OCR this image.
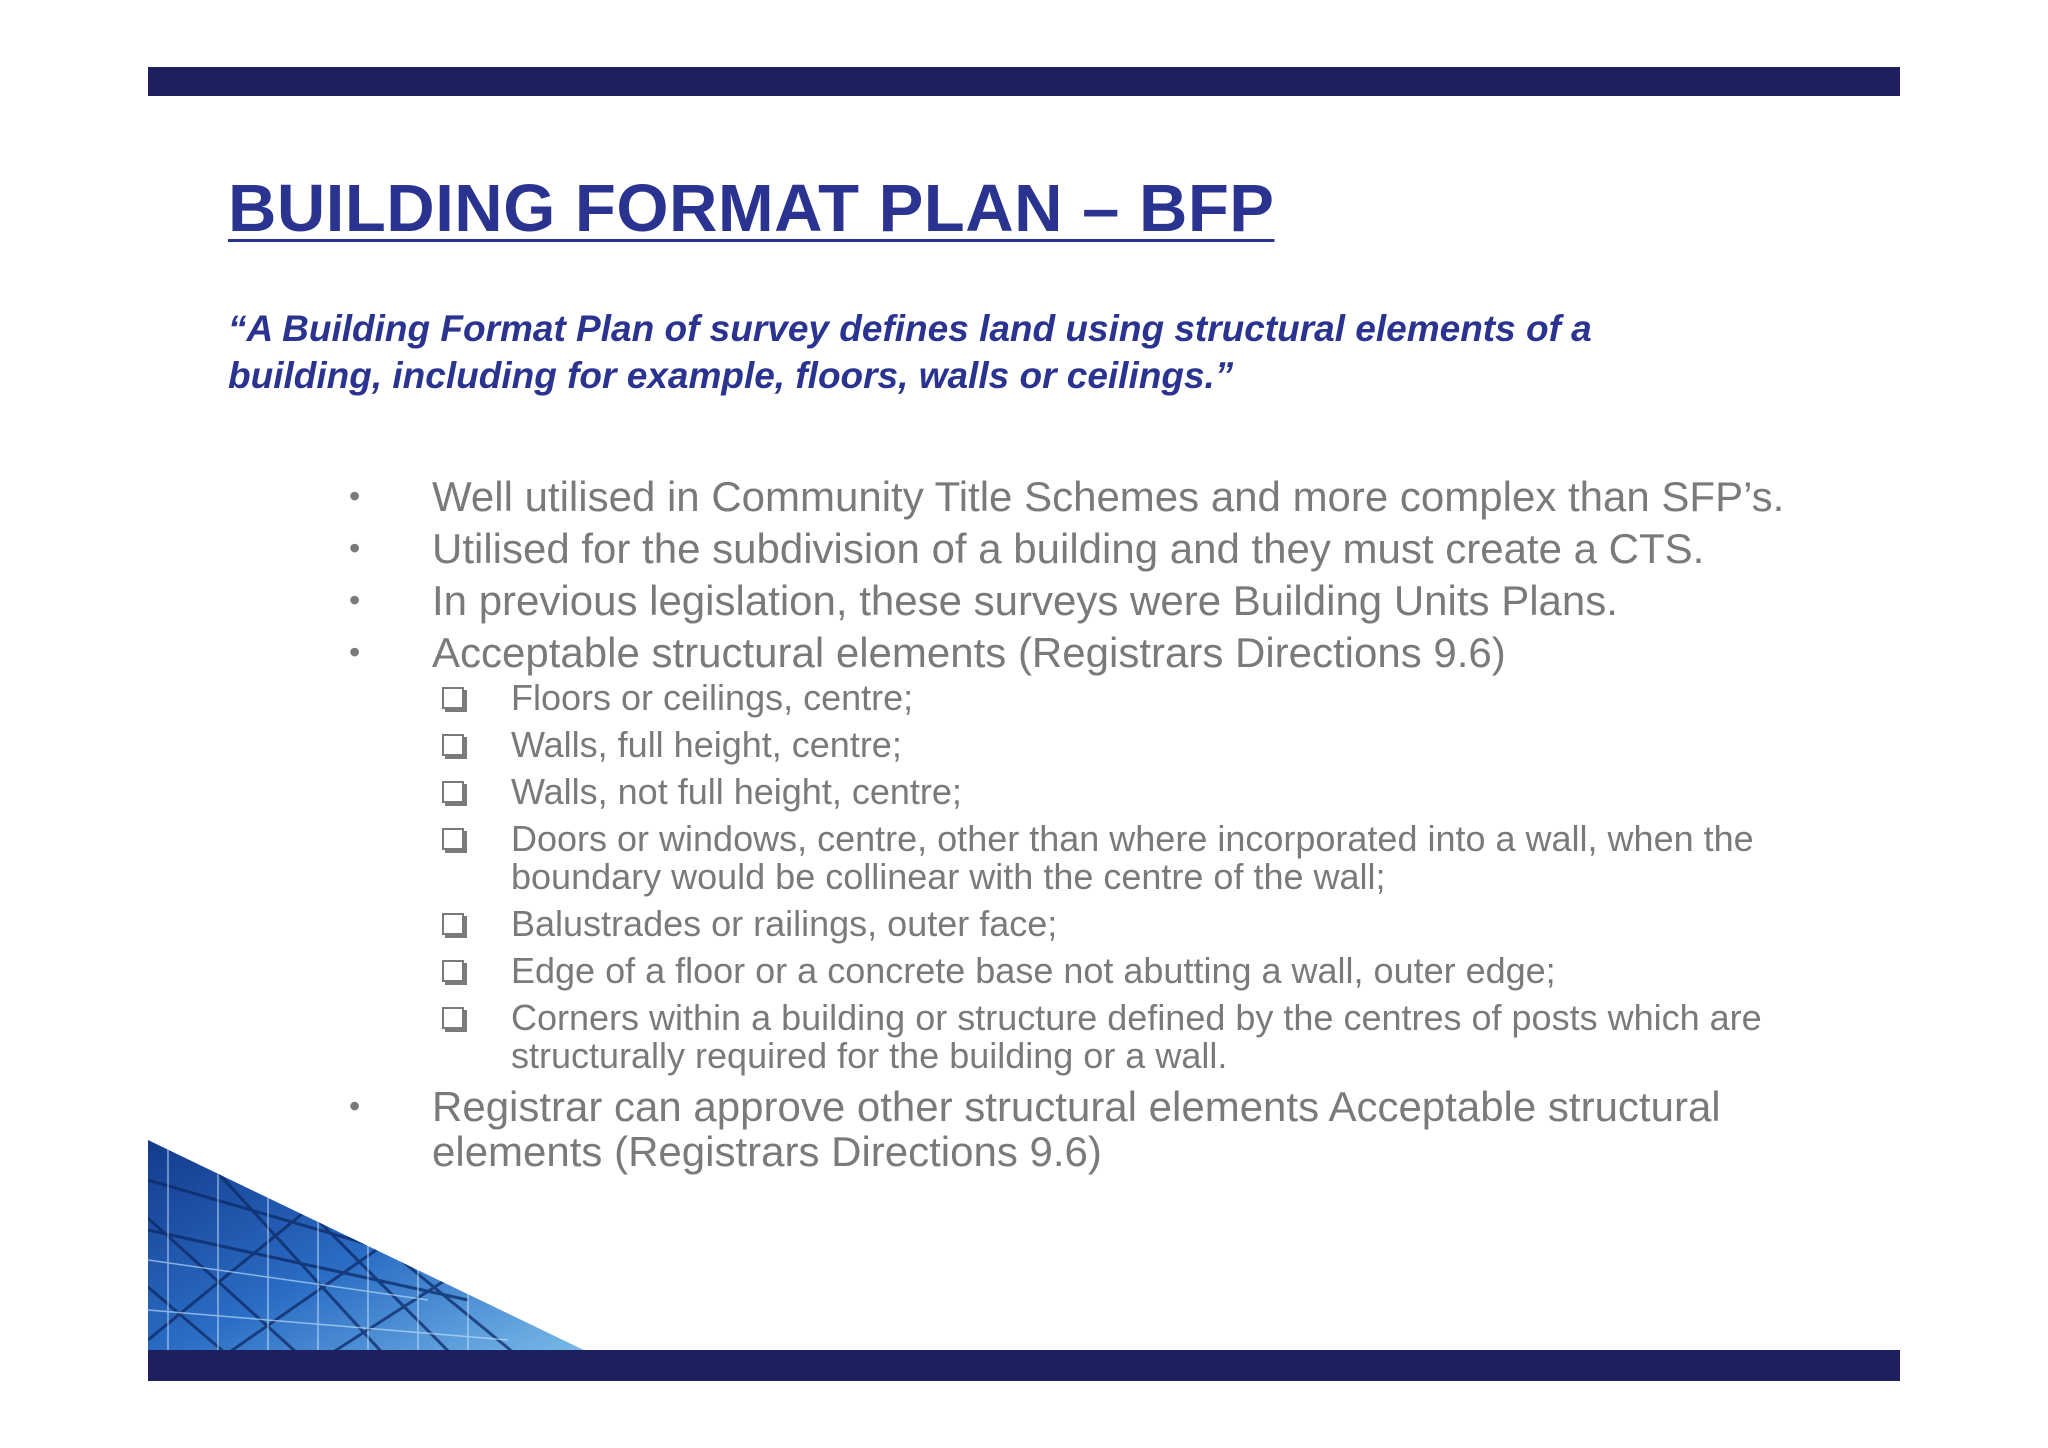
BUILDING FORMAT PLAN – BFP

“A Building Format Plan of survey defines land using structural elements of a building, including for example, floors, walls or ceilings.”

• Well utilised in Community Title Schemes and more complex than SFP’s.
• Utilised for the subdivision of a building and they must create a CTS.
• In previous legislation, these surveys were Building Units Plans.
• Acceptable structural elements (Registrars Directions 9.6)
Floors or ceilings, centre;
Walls, full height, centre;
Walls, not full height, centre;
Doors or windows, centre, other than where incorporated into a wall, when the boundary would be collinear with the centre of the wall;
Balustrades or railings, outer face;
Edge of a floor or a concrete base not abutting a wall, outer edge;
Corners within a building or structure defined by the centres of posts which are structurally required for the building or a wall.
• Registrar can approve other structural elements Acceptable structural elements (Registrars Directions 9.6)
